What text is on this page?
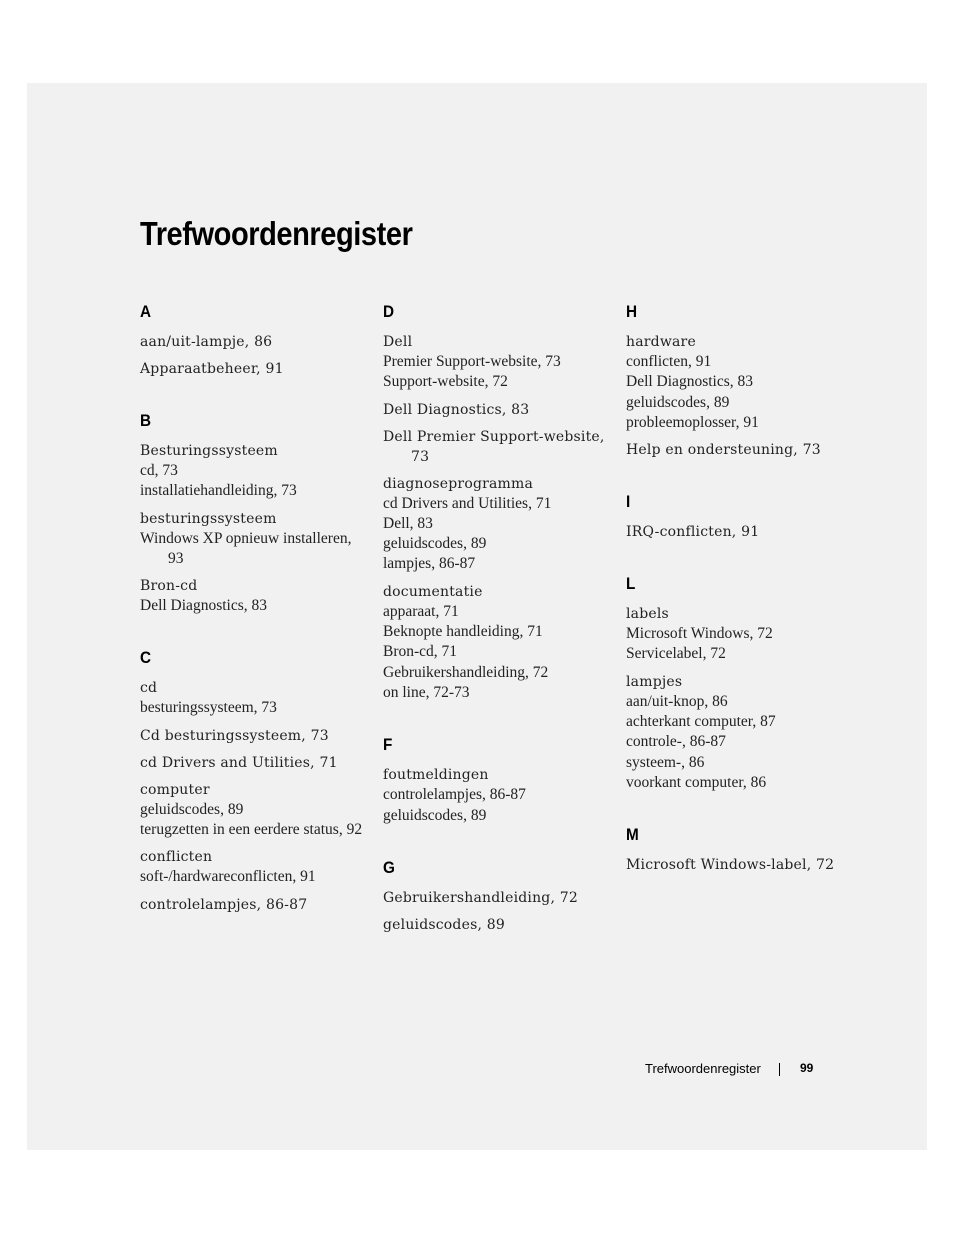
Trefwoordenregister
A
aan/uit-lampje, 86
Apparaatbeheer, 91
B
Besturingssysteem
cd, 73
installatiehandleiding, 73
besturingssysteem
Windows XP opnieuw installeren, 93
Bron-cd
Dell Diagnostics, 83
C
cd
besturingssysteem, 73
Cd besturingssysteem, 73
cd Drivers and Utilities, 71
computer
geluidscodes, 89
terugzetten in een eerdere status, 92
conflicten
soft-/hardwareconflicten, 91
controlelampjes, 86-87
D
Dell
Premier Support-website, 73
Support-website, 72
Dell Diagnostics, 83
Dell Premier Support-website, 73
diagnoseprogramma
cd Drivers and Utilities, 71
Dell, 83
geluidscodes, 89
lampjes, 86-87
documentatie
apparaat, 71
Beknopte handleiding, 71
Bron-cd, 71
Gebruikershandleiding, 72
on line, 72-73
F
foutmeldingen
controlelampjes, 86-87
geluidscodes, 89
G
Gebruikershandleiding, 72
geluidscodes, 89
H
hardware
conflicten, 91
Dell Diagnostics, 83
geluidscodes, 89
probleemoplosser, 91
Help en ondersteuning, 73
I
IRQ-conflicten, 91
L
labels
Microsoft Windows, 72
Servicelabel, 72
lampjes
aan/uit-knop, 86
achterkant computer, 87
controle-, 86-87
systeem-, 86
voorkant computer, 86
M
Microsoft Windows-label, 72
Trefwoordenregister	99
